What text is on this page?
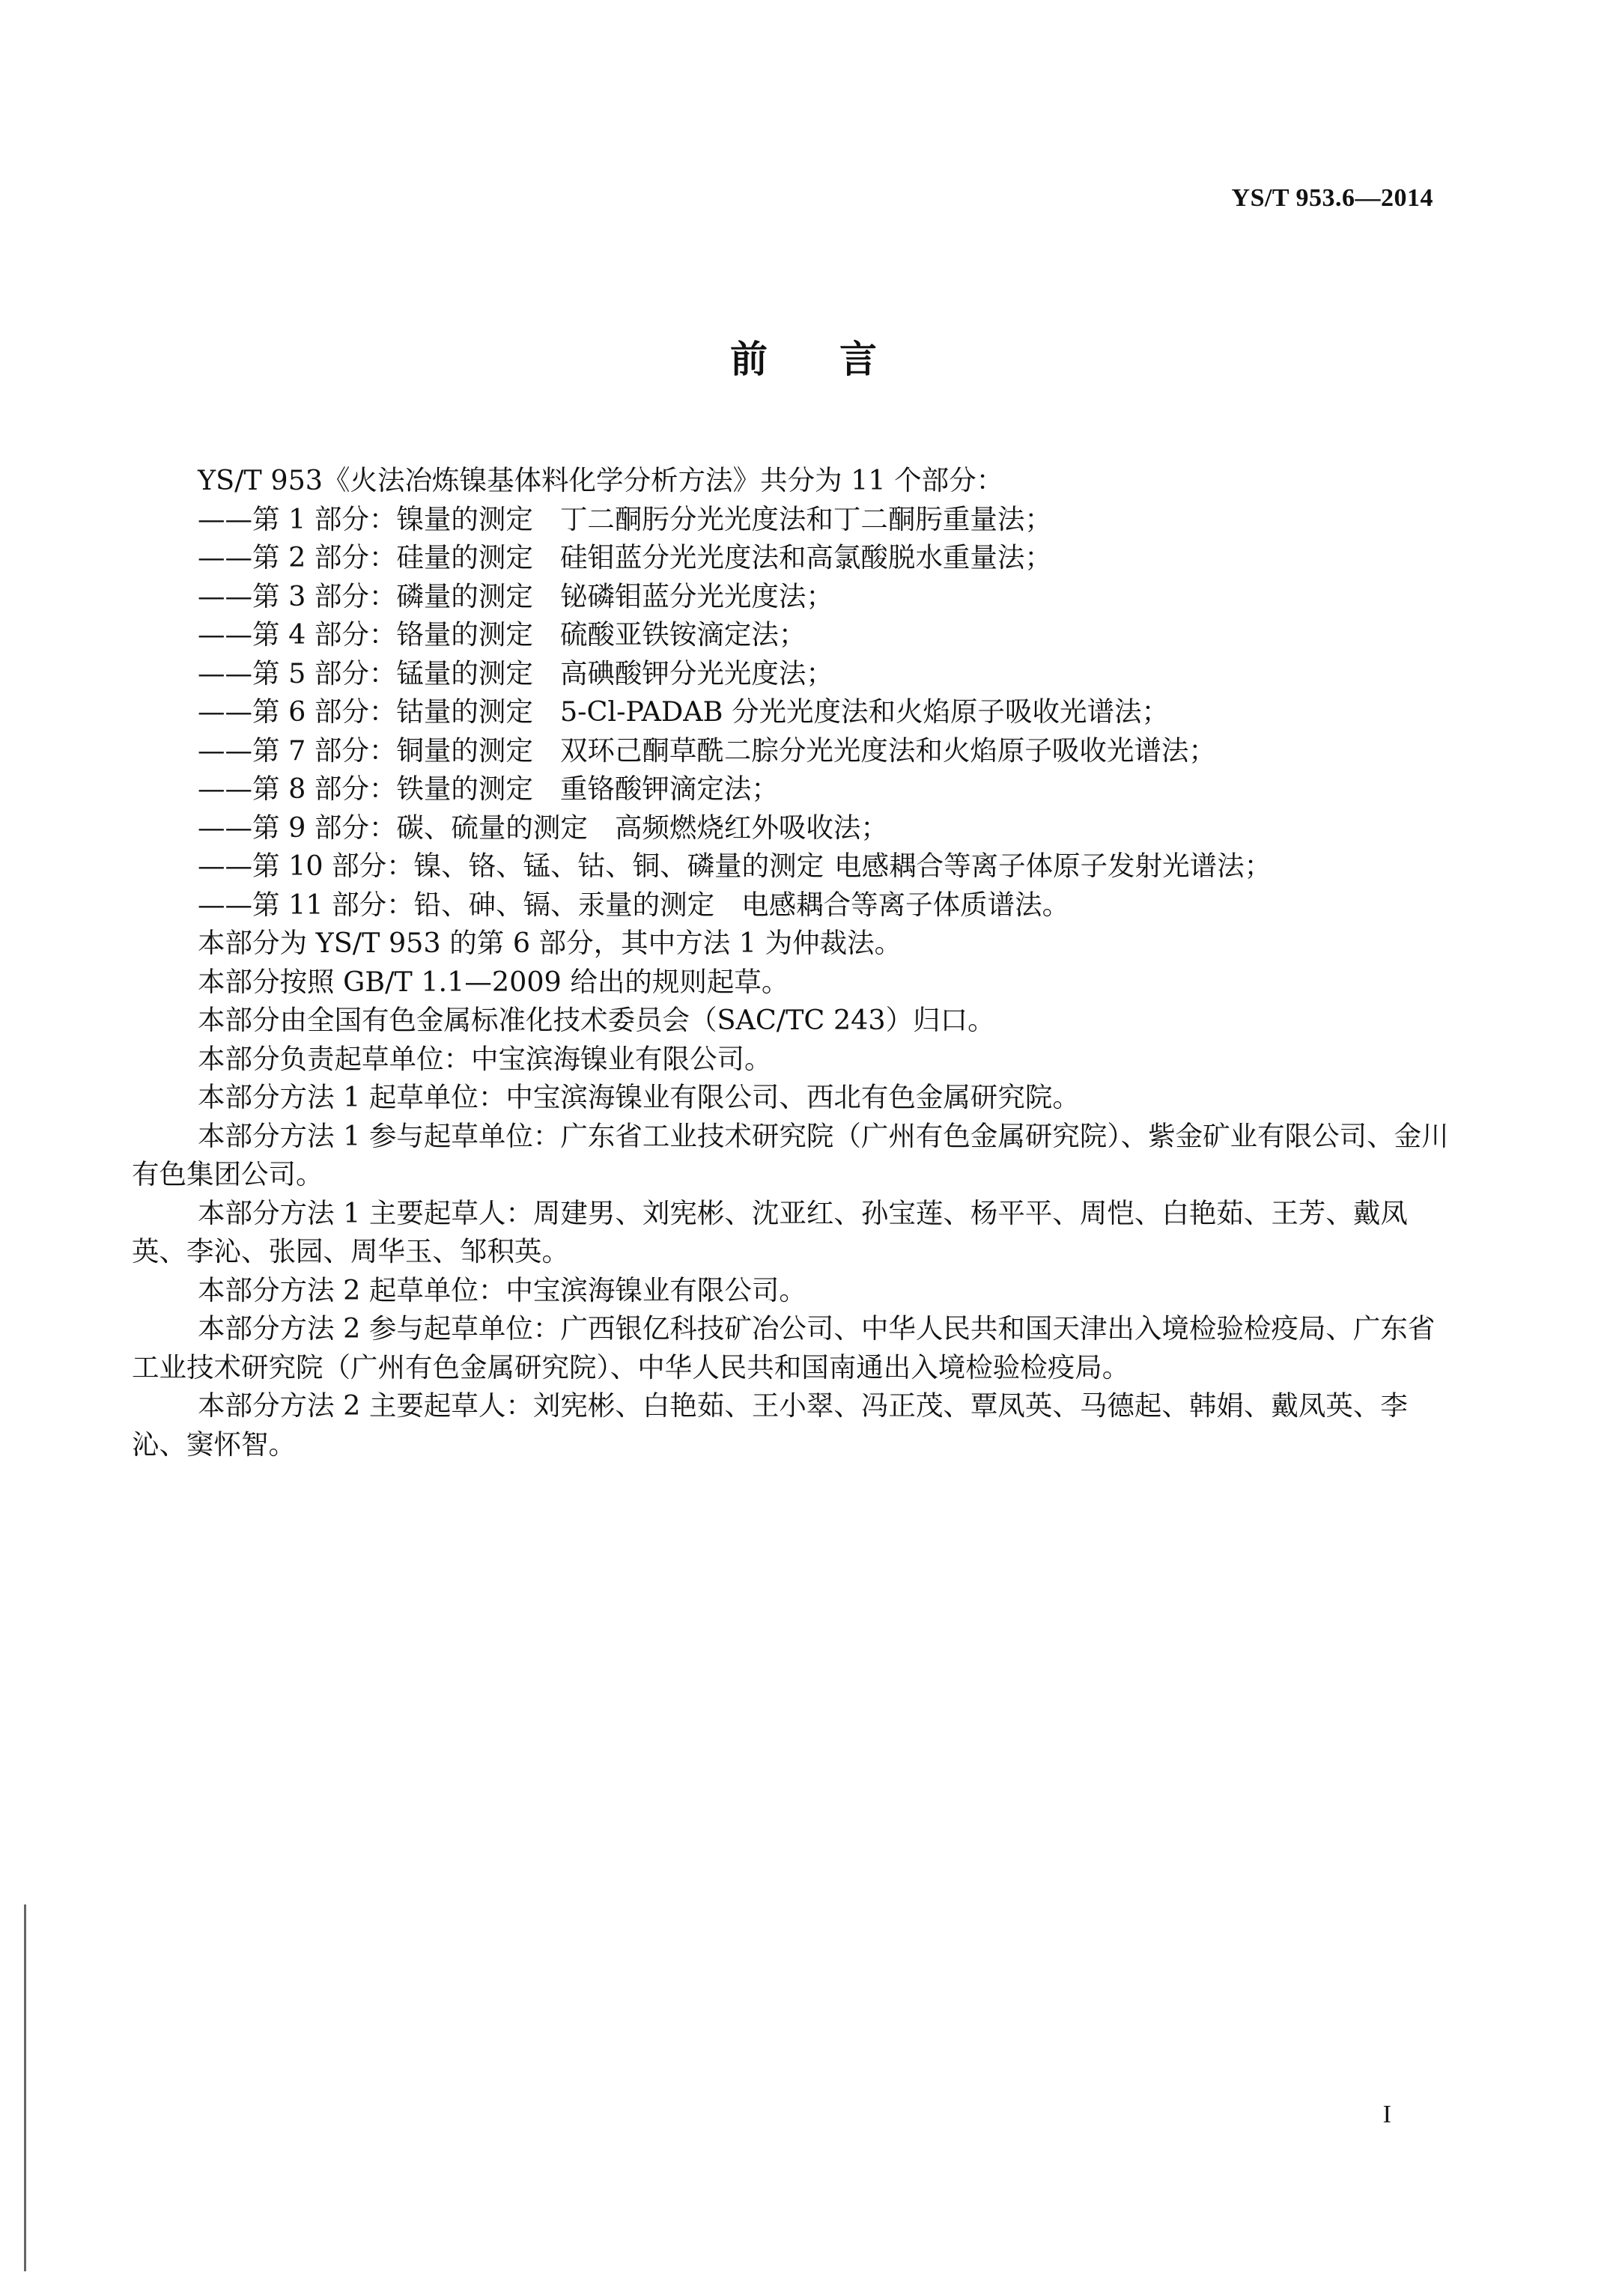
YS/T 953.6—2014
前言

YS/T 953《火法冶炼镍基体料化学分析方法》共分为 11 个部分：

——第 1 部分：镍量的测定 丁二酮肟分光光度法和丁二酮肟重量法；
——第 2 部分：硅量的测定 硅钼蓝分光光度法和高氯酸脱水重量法；
——第 3 部分：磷量的测定 铋磷钼蓝分光光度法；
——第 4 部分：铬量的测定 硫酸亚铁铵滴定法；
——第 5 部分：锰量的测定 高碘酸钾分光光度法；
——第 6 部分：钴量的测定 5-Cl-PADAB 分光光度法和火焰原子吸收光谱法；
——第 7 部分：铜量的测定 双环己酮草酰二腙分光光度法和火焰原子吸收光谱法；
——第 8 部分：铁量的测定 重铬酸钾滴定法；
——第 9 部分：碳、硫量的测定 高频燃烧红外吸收法；
——第 10 部分：镍、铬、锰、钴、铜、磷量的测定 电感耦合等离子体原子发射光谱法；
——第 11 部分：铅、砷、镉、汞量的测定 电感耦合等离子体质谱法。

本部分为 YS/T 953 的第 6 部分，其中方法 1 为仲裁法。

本部分按照 GB/T 1.1—2009 给出的规则起草。

本部分由全国有色金属标准化技术委员会（SAC/TC 243）归口。

本部分负责起草单位：中宝滨海镍业有限公司。

本部分方法 1 起草单位：中宝滨海镍业有限公司、西北有色金属研究院。

本部分方法 1 参与起草单位：广东省工业技术研究院（广州有色金属研究院）、紫金矿业有限公司、金川有色集团公司。

本部分方法 1 主要起草人：周建男、刘宪彬、沈亚红、孙宝莲、杨平平、周恺、白艳茹、王芳、戴凤英、李沁、张园、周华玉、邹积英。

本部分方法 2 起草单位：中宝滨海镍业有限公司。

本部分方法 2 参与起草单位：广西银亿科技矿冶公司、中华人民共和国天津出入境检验检疫局、广东省工业技术研究院（广州有色金属研究院）、中华人民共和国南通出入境检验检疫局。

本部分方法 2 主要起草人：刘宪彬、白艳茹、王小翠、冯正茂、覃凤英、马德起、韩娟、戴凤英、李沁、窦怀智。

I
